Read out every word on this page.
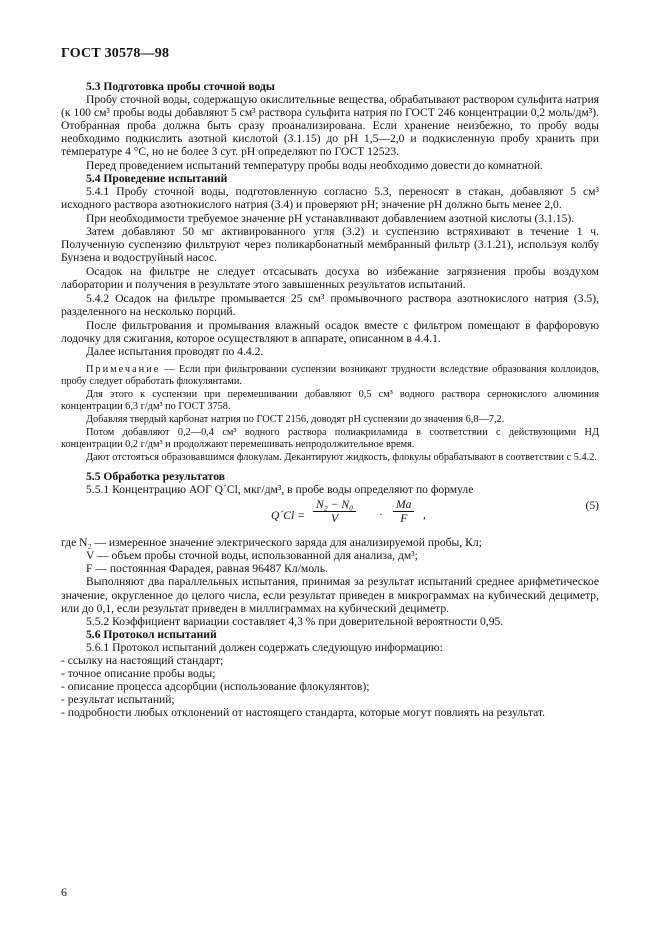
ГОСТ 30578—98

5.3 Подготовка пробы сточной воды

Пробу сточной воды, содержащую окислительные вещества, обрабатывают раствором сульфита натрия (к 100 см³ пробы воды добавляют 5 см³ раствора сульфита натрия по ГОСТ 246 концентрации 0,2 моль/дм³). Отобранная проба должна быть сразу проанализирована. Если хранение неизбежно, то пробу воды необходимо подкислить азотной кислотой (3.1.15) до pH 1,5—2,0 и подкисленную пробу хранить при температуре 4 °С, но не более 3 сут. pH определяют по ГОСТ 12523.

Перед проведением испытаний температуру пробы воды необходимо довести до комнатной.

5.4 Проведение испытаний

5.4.1 Пробу сточной воды, подготовленную согласно 5.3, переносят в стакан, добавляют 5 см³ исходного раствора азотнокислого натрия (3.4) и проверяют pH; значение pH должно быть менее 2,0.

При необходимости требуемое значение pH устанавливают добавлением азотной кислоты (3.1.15).

Затем добавляют 50 мг активированного угля (3.2) и суспензию встряхивают в течение 1 ч. Полученную суспензию фильтруют через поликарбонатный мембранный фильтр (3.1.21), используя колбу Бунзена и водоструйный насос.

Осадок на фильтре не следует отсасывать досуха во избежание загрязнения пробы воздухом лаборатории и получения в результате этого завышенных результатов испытаний.

5.4.2 Осадок на фильтре промывается 25 см³ промывочного раствора азотнокислого натрия (3.5), разделенного на несколько порций.

После фильтрования и промывания влажный осадок вместе с фильтром помещают в фарфоровую лодочку для сжигания, которое осуществляют в аппарате, описанном в 4.4.1.

Далее испытания проводят по 4.4.2.

Примечание — Если при фильтровании суспензии возникают трудности вследствие образования коллоидов, пробу следует обработать флокулянтами.

Для этого к суспензии при перемешивании добавляют 0,5 см³ водного раствора сернокислого алюминия концентрации 6,3 г/дм³ по ГОСТ 3758.

Добавляя твердый карбонат натрия по ГОСТ 2156, доводят pH суспензии до значения 6,8—7,2.

Потом добавляют 0,2—0,4 см³ водного раствора полиакриламида в соответствии с действующими НД концентрации 0,2 г/дм³ и продолжают перемешивать непродолжительное время.

Дают отстояться образовавшимся флокулам. Декантируют жидкость, флокулы обрабатывают в соответствии с 5.4.2.

5.5 Обработка результатов

5.5.1 Концентрацию АОГ Q´Cl, мкг/дм³, в пробе воды определяют по формуле

Q´Cl = $\frac{\text{N₂ − N₀}}{V} \cdot \frac{Ma}{F}$ ,
(5)

где N₂ — измеренное значение электрического заряда для анализируемой пробы, Кл;

V — объем пробы сточной воды, использованной для анализа, дм³;

F — постоянная Фарадея, равная 96487 Кл/моль.

Выполняют два параллельных испытания, принимая за результат испытаний среднее арифметическое значение, округленное до целого числа, если результат приведен в микрограммах на кубический дециметр, или до 0,1, если результат приведен в миллиграммах на кубический дециметр.

5.5.2 Коэффициент вариации составляет 4,3 % при доверительной вероятности 0,95.

5.6 Протокол испытаний

5.6.1 Протокол испытаний должен содержать следующую информацию:

- ссылку на настоящий стандарт;

- точное описание пробы воды;

- описание процесса адсорбции (использование флокулянтов);

- результат испытаний;

- подробности любых отклонений от настоящего стандарта, которые могут повлиять на результат.

6
